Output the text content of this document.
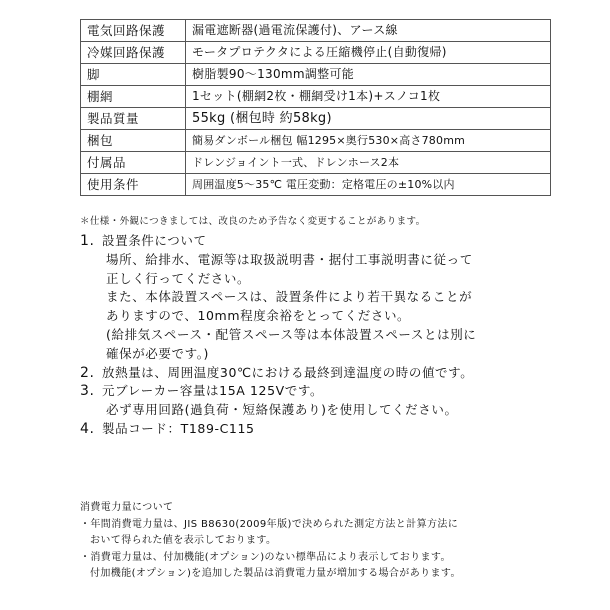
電気回路保護	漏電遮断器(過電流保護付)、アース線
冷媒回路保護	モータプロテクタによる圧縮機停止(自動復帰)
脚	樹脂製90～130mm調整可能
棚網	1セット(棚網2枚・棚網受け1本)+スノコ1枚
製品質量	55kg (梱包時 約58kg)
梱包	簡易ダンボール梱包 幅1295×奥行530×高さ780mm
付属品	ドレンジョイント一式、ドレンホース2本
使用条件	周囲温度5～35℃ 電圧変動：定格電圧の±10%以内
＊仕様・外観につきましては、改良のため予告なく変更することがあります。
1. 設置条件について
場所、給排水、電源等は取扱説明書・据付工事説明書に従って
正しく行ってください。
また、本体設置スペースは、設置条件により若干異なることが
ありますので、10mm程度余裕をとってください。
(給排気スペース・配管スペース等は本体設置スペースとは別に
確保が必要です。)
2. 放熱量は、周囲温度30℃における最終到達温度の時の値です。
3. 元ブレーカー容量は15A 125Vです。
必ず専用回路(過負荷・短絡保護あり)を使用してください。
4. 製品コード：T189-C115
消費電力量について
・年間消費電力量は、JIS B8630(2009年版)で決められた測定方法と計算方法に
おいて得られた値を表示しております。
・消費電力量は、付加機能(オプション)のない標準品により表示しております。
付加機能(オプション)を追加した製品は消費電力量が増加する場合があります。
